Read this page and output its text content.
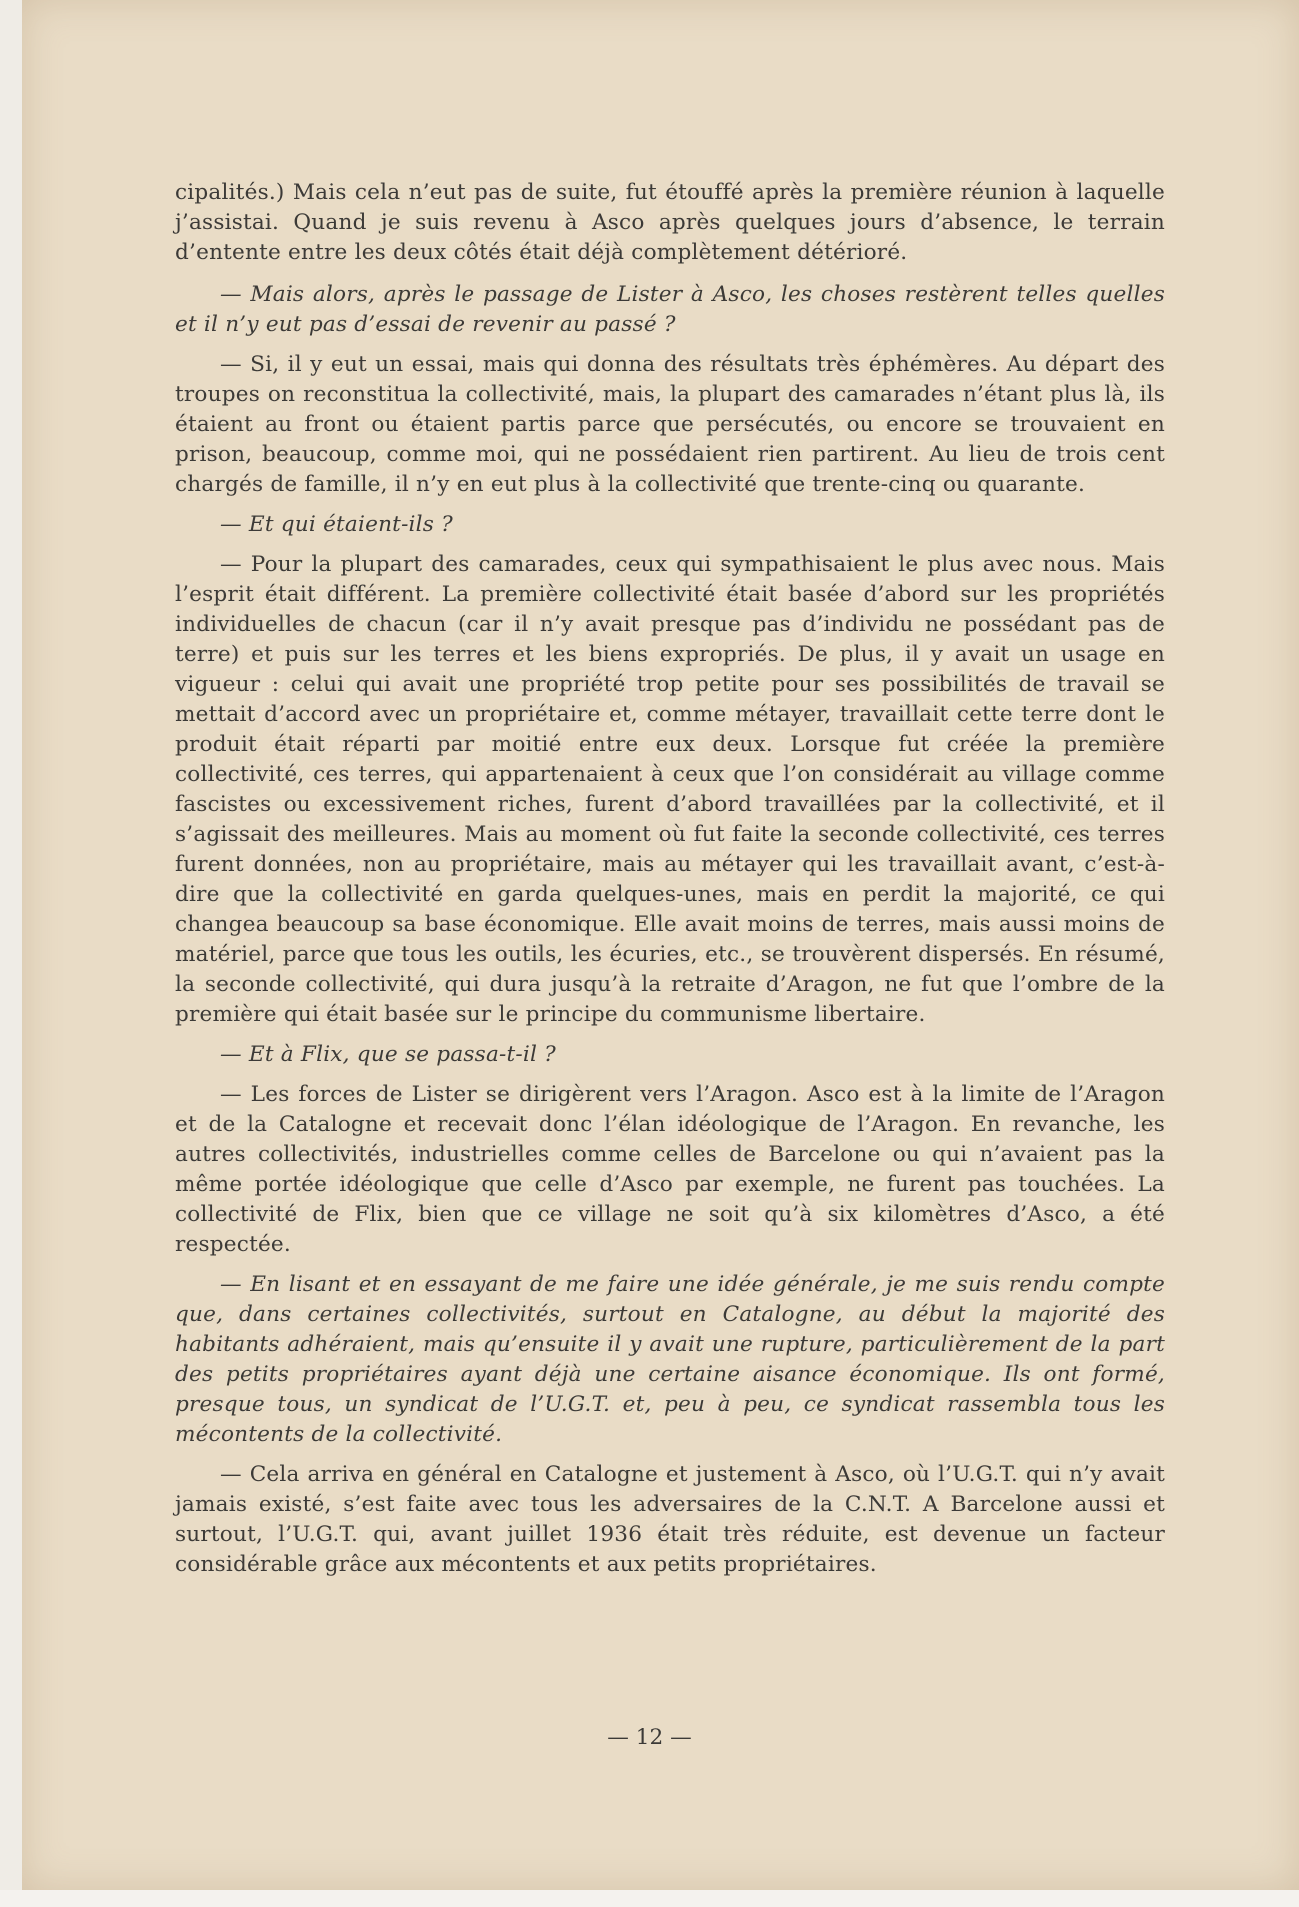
cipalités.) Mais cela n’eut pas de suite, fut étouffé après la première réunion à laquelle j’assistai. Quand je suis revenu à Asco après quelques jours d’absence, le terrain d’entente entre les deux côtés était déjà complètement détérioré.

— Mais alors, après le passage de Lister à Asco, les choses restèrent telles quelles et il n’y eut pas d’essai de revenir au passé ?

— Si, il y eut un essai, mais qui donna des résultats très éphémères. Au départ des troupes on reconstitua la collectivité, mais, la plupart des camarades n’étant plus là, ils étaient au front ou étaient partis parce que persécutés, ou encore se trouvaient en prison, beaucoup, comme moi, qui ne possédaient rien partirent. Au lieu de trois cent chargés de famille, il n’y en eut plus à la collectivité que trente-cinq ou quarante.

— Et qui étaient-ils ?

— Pour la plupart des camarades, ceux qui sympathisaient le plus avec nous. Mais l’esprit était différent. La première collectivité était basée d’abord sur les propriétés individuelles de chacun (car il n’y avait presque pas d’individu ne possédant pas de terre) et puis sur les terres et les biens expropriés. De plus, il y avait un usage en vigueur : celui qui avait une propriété trop petite pour ses possibilités de travail se mettait d’accord avec un propriétaire et, comme métayer, travaillait cette terre dont le produit était réparti par moitié entre eux deux. Lorsque fut créée la première collectivité, ces terres, qui appartenaient à ceux que l’on considérait au village comme fascistes ou excessivement riches, furent d’abord travaillées par la collectivité, et il s’agissait des meilleures. Mais au moment où fut faite la seconde collectivité, ces terres furent données, non au propriétaire, mais au métayer qui les travaillait avant, c’est-à-dire que la collectivité en garda quelques-unes, mais en perdit la majorité, ce qui changea beaucoup sa base économique. Elle avait moins de terres, mais aussi moins de matériel, parce que tous les outils, les écuries, etc., se trouvèrent dispersés. En résumé, la seconde collectivité, qui dura jusqu’à la retraite d’Aragon, ne fut que l’ombre de la première qui était basée sur le principe du communisme libertaire.

— Et à Flix, que se passa-t-il ?

— Les forces de Lister se dirigèrent vers l’Aragon. Asco est à la limite de l’Aragon et de la Catalogne et recevait donc l’élan idéologique de l’Aragon. En revanche, les autres collectivités, industrielles comme celles de Barcelone ou qui n’avaient pas la même portée idéologique que celle d’Asco par exemple, ne furent pas touchées. La collectivité de Flix, bien que ce village ne soit qu’à six kilomètres d’Asco, a été respectée.

— En lisant et en essayant de me faire une idée générale, je me suis rendu compte que, dans certaines collectivités, surtout en Catalogne, au début la majorité des habitants adhéraient, mais qu’ensuite il y avait une rupture, particulièrement de la part des petits propriétaires ayant déjà une certaine aisance économique. Ils ont formé, presque tous, un syndicat de l’U.G.T. et, peu à peu, ce syndicat rassembla tous les mécontents de la collectivité.

— Cela arriva en général en Catalogne et justement à Asco, où l’U.G.T. qui n’y avait jamais existé, s’est faite avec tous les adversaires de la C.N.T. A Barcelone aussi et surtout, l’U.G.T. qui, avant juillet 1936 était très réduite, est devenue un facteur considérable grâce aux mécontents et aux petits propriétaires.

— 12 —
